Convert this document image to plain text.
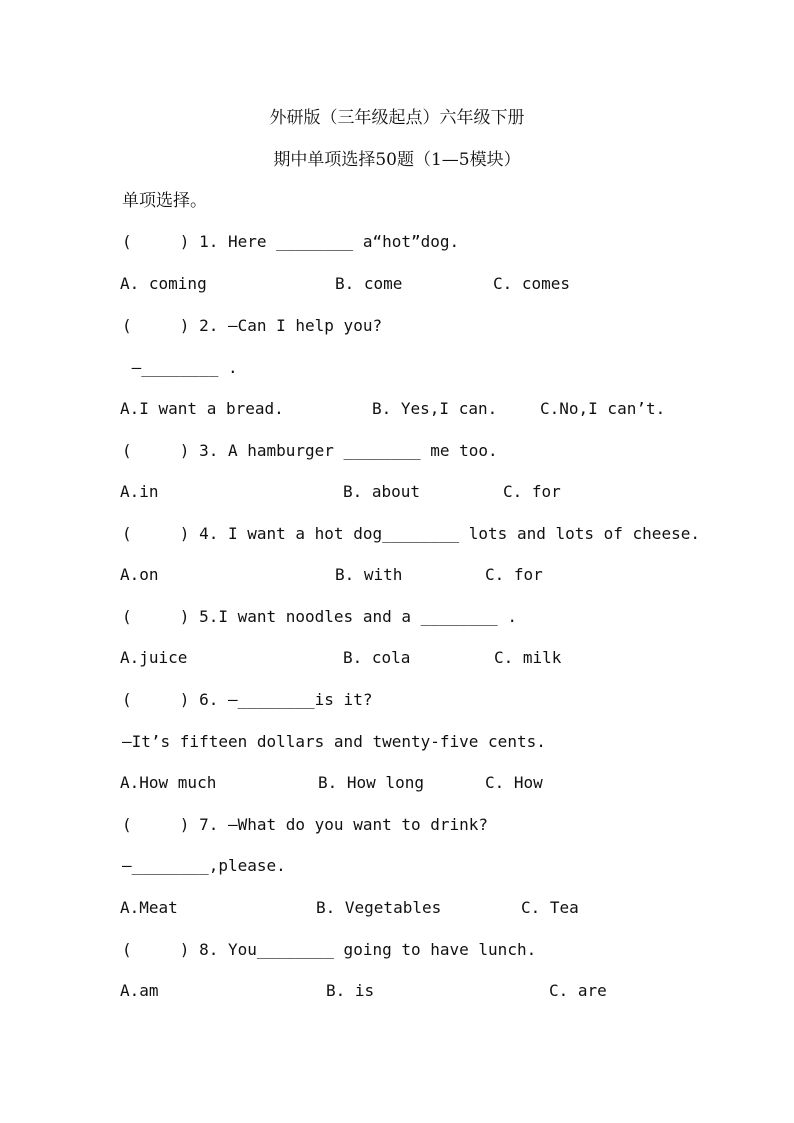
外研版（三年级起点）六年级下册
期中单项选择50题（1—5模块）
单项选择。
(     ) 1. Here ________ a“hot”dog.
A. coming	B. come	C. comes
(     ) 2. —Can I help you?
—________ .
A.I want a bread.	B. Yes,I can.	C.No,I can’t.
(     ) 3. A hamburger ________ me too.
A.in	B. about	C. for
(     ) 4. I want a hot dog________ lots and lots of cheese.
A.on	B. with	C. for
(     ) 5.I want noodles and a ________ .
A.juice	B. cola	C. milk
(     ) 6. —________is it?
—It’s fifteen dollars and twenty-five cents.
A.How much	B. How long	C. How
(     ) 7. —What do you want to drink?
—________,please.
A.Meat	B. Vegetables	C. Tea
(     ) 8. You________ going to have lunch.
A.am	B. is	C. are
